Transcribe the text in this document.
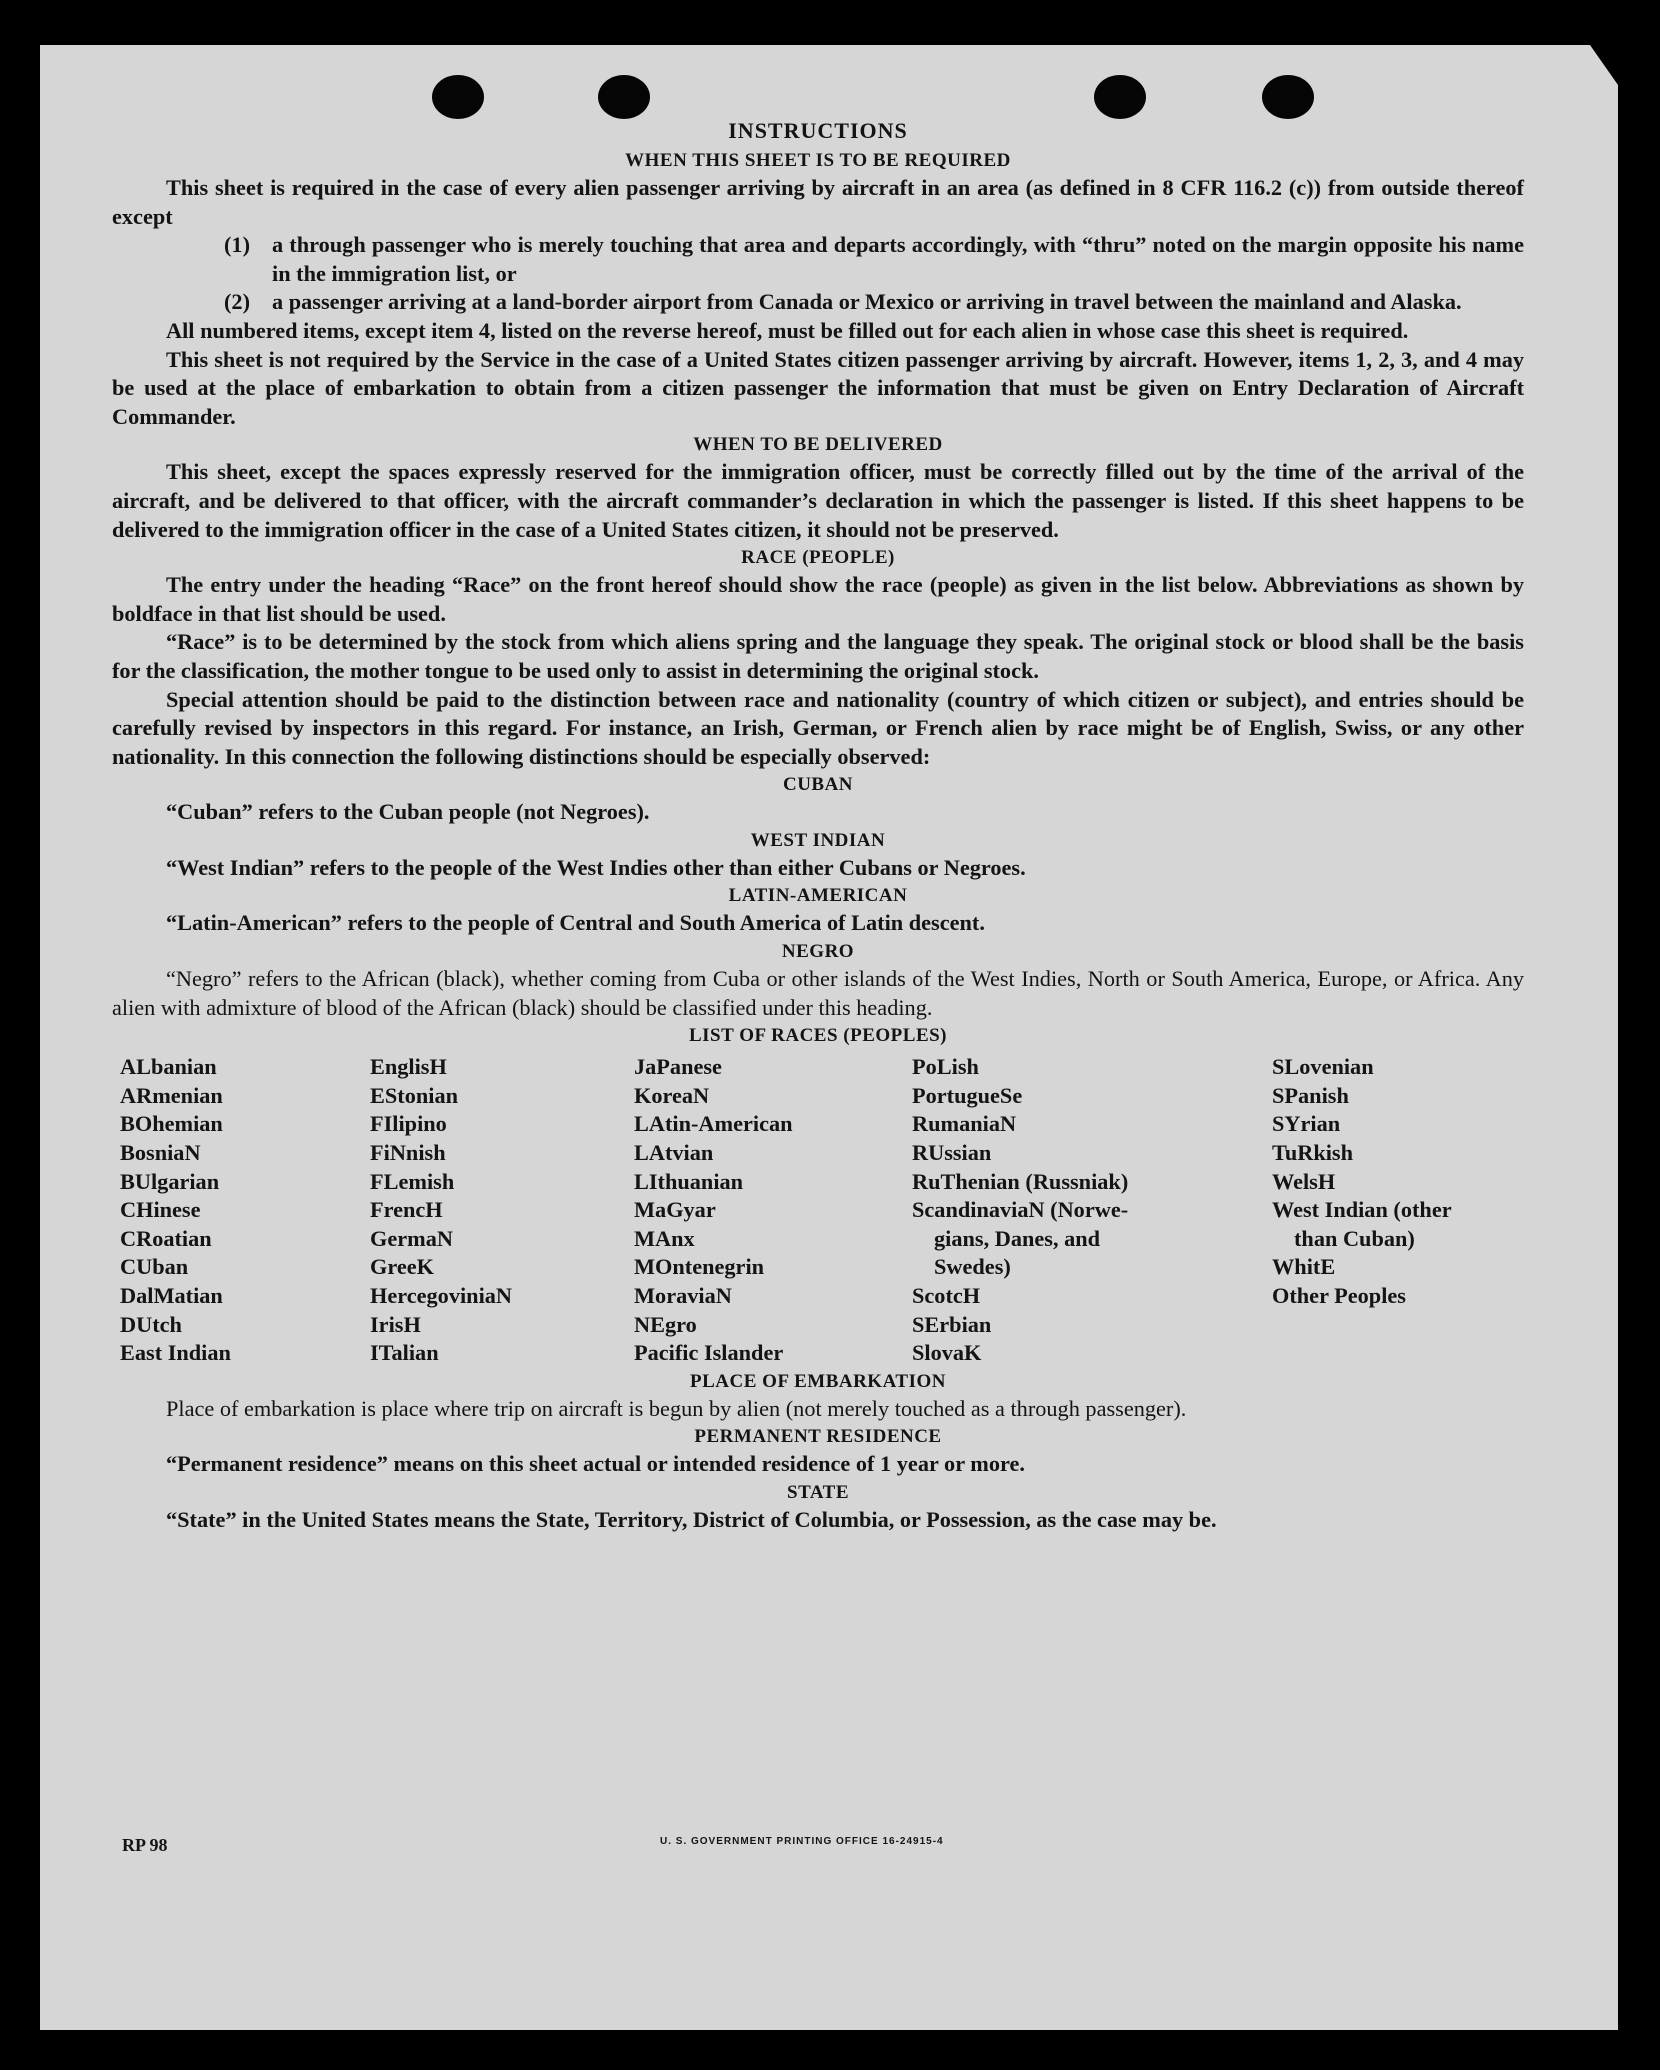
INSTRUCTIONS
WHEN THIS SHEET IS TO BE REQUIRED

This sheet is required in the case of every alien passenger arriving by aircraft in an area (as defined in 8 CFR 116.2 (c)) from outside thereof except

(1) a through passenger who is merely touching that area and departs accordingly, with “thru” noted on the margin opposite his name in the immigration list, or
(2) a passenger arriving at a land-border airport from Canada or Mexico or arriving in travel between the mainland and Alaska.

All numbered items, except item 4, listed on the reverse hereof, must be filled out for each alien in whose case this sheet is required.

This sheet is not required by the Service in the case of a United States citizen passenger arriving by aircraft. However, items 1, 2, 3, and 4 may be used at the place of embarkation to obtain from a citizen passenger the information that must be given on Entry Declaration of Aircraft Commander.

WHEN TO BE DELIVERED

This sheet, except the spaces expressly reserved for the immigration officer, must be correctly filled out by the time of the arrival of the aircraft, and be delivered to that officer, with the aircraft commander’s declaration in which the passenger is listed. If this sheet happens to be delivered to the immigration officer in the case of a United States citizen, it should not be preserved.

RACE (PEOPLE)

The entry under the heading “Race” on the front hereof should show the race (people) as given in the list below. Abbreviations as shown by boldface in that list should be used.

“Race” is to be determined by the stock from which aliens spring and the language they speak. The original stock or blood shall be the basis for the classification, the mother tongue to be used only to assist in determining the original stock.

Special attention should be paid to the distinction between race and nationality (country of which citizen or subject), and entries should be carefully revised by inspectors in this regard. For instance, an Irish, German, or French alien by race might be of English, Swiss, or any other nationality. In this connection the following distinctions should be especially observed:

CUBAN

“Cuban” refers to the Cuban people (not Negroes).

WEST INDIAN

“West Indian” refers to the people of the West Indies other than either Cubans or Negroes.

LATIN-AMERICAN

“Latin-American” refers to the people of Central and South America of Latin descent.

NEGRO

“Negro” refers to the African (black), whether coming from Cuba or other islands of the West Indies, North or South America, Europe, or Africa. Any alien with admixture of blood of the African (black) should be classified under this heading.

LIST OF RACES (PEOPLES)
ALbanian
ARmenian
BOhemian
BosniaN
BUlgarian
CHinese
CRoatian
CUban
DalMatian
DUtch
East Indian
EnglisH
EStonian
FIlipino
FiNnish
FLemish
FrencH
GermaN
GreeK
HercegoviniaN
IrisH
ITalian
JaPanese
KoreaN
LAtin-American
LAtvian
LIthuanian
MaGyar
MAnx
MOntenegrin
MoraviaN
NEgro
Pacific Islander
PoLish
PortugueSe
RumaniaN
RUssian
RuThenian (Russniak)
ScandinaviaN (Norwe-
gians, Danes, and
Swedes)
ScotcH
SErbian
SlovaK
SLovenian
SPanish
SYrian
TuRkish
WelsH
West Indian (other
than Cuban)
WhitE
Other Peoples
PLACE OF EMBARKATION

Place of embarkation is place where trip on aircraft is begun by alien (not merely touched as a through passenger).

PERMANENT RESIDENCE

“Permanent residence” means on this sheet actual or intended residence of 1 year or more.

STATE

“State” in the United States means the State, Territory, District of Columbia, or Possession, as the case may be.

RP 98	U. S. GOVERNMENT PRINTING OFFICE 16-24915-4
